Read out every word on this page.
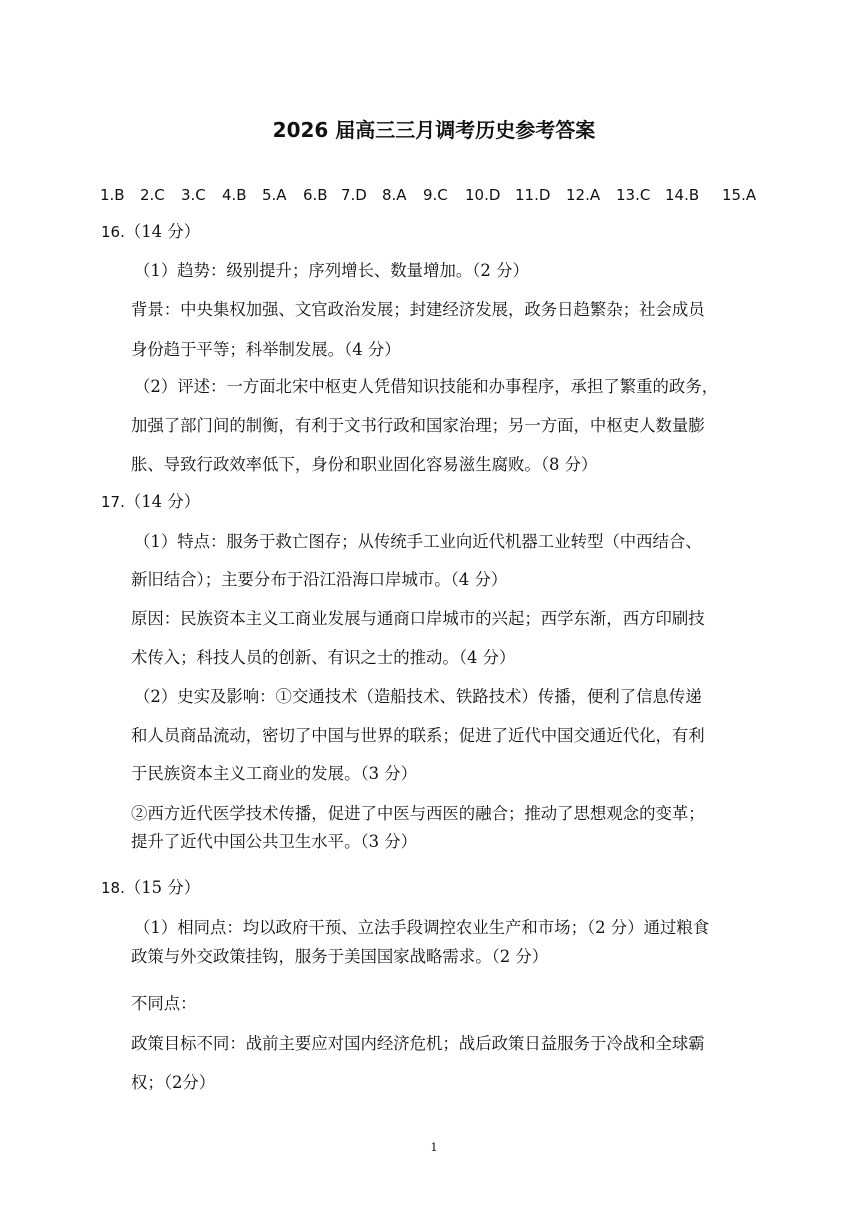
2026 届高三三月调考历史参考答案
1.B 2.C 3.C 4.B 5.A 6.B 7.D 8.A 9.C 10.D 11.D 12.A 13.C 14.B 15.A
16.（14 分）
（1）趋势：级别提升；序列增长、数量增加。（2 分）
背景：中央集权加强、文官政治发展；封建经济发展，政务日趋繁杂；社会成员
身份趋于平等；科举制发展。（4 分）
（2）评述：一方面北宋中枢吏人凭借知识技能和办事程序，承担了繁重的政务，
加强了部门间的制衡，有利于文书行政和国家治理；另一方面，中枢吏人数量膨
胀、导致行政效率低下，身份和职业固化容易滋生腐败。（8 分）
17.（14 分）
（1）特点：服务于救亡图存；从传统手工业向近代机器工业转型（中西结合、
新旧结合）；主要分布于沿江沿海口岸城市。（4 分）
原因：民族资本主义工商业发展与通商口岸城市的兴起；西学东渐，西方印刷技
术传入；科技人员的创新、有识之士的推动。（4 分）
（2）史实及影响：①交通技术（造船技术、铁路技术）传播，便利了信息传递
和人员商品流动，密切了中国与世界的联系；促进了近代中国交通近代化，有利
于民族资本主义工商业的发展。（3 分）
②西方近代医学技术传播，促进了中医与西医的融合；推动了思想观念的变革；
提升了近代中国公共卫生水平。（3 分）
18.（15 分）
（1）相同点：均以政府干预、立法手段调控农业生产和市场；（2 分）通过粮食
政策与外交政策挂钩，服务于美国国家战略需求。（2 分）
不同点：
政策目标不同：战前主要应对国内经济危机；战后政策日益服务于冷战和全球霸
权；（2分）
1
